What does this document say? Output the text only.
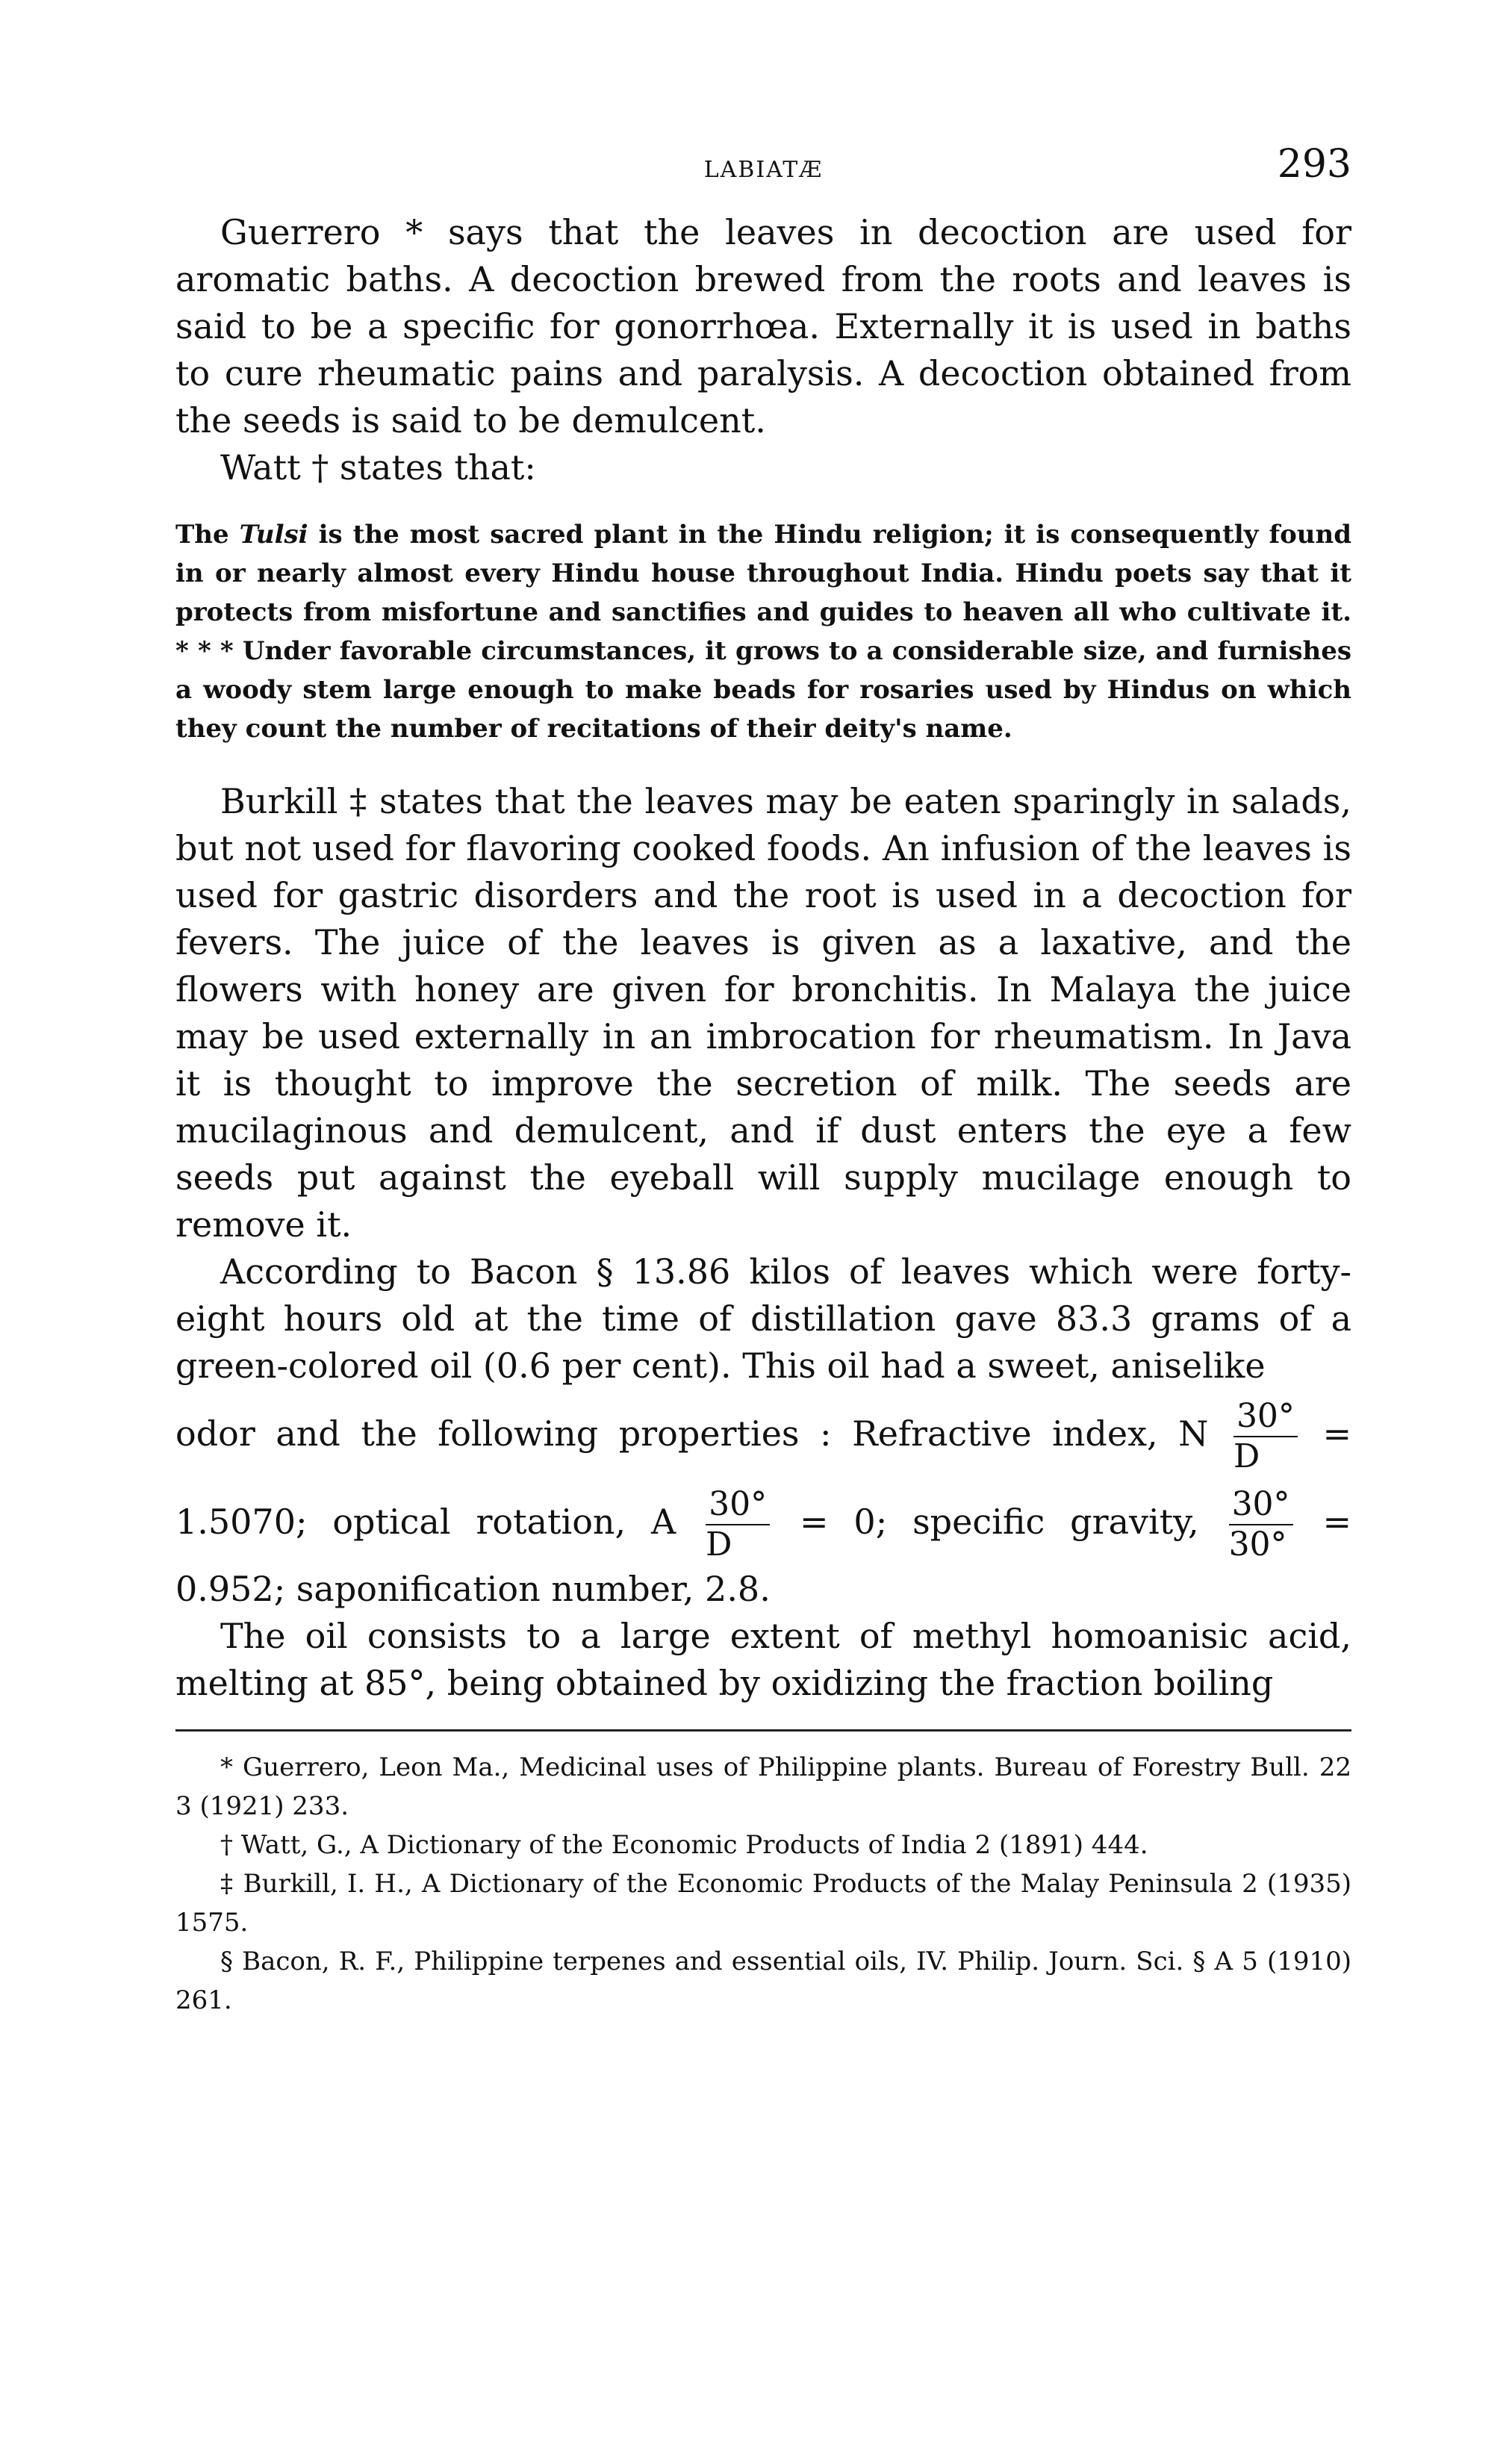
LABIATÆ	293

Guerrero * says that the leaves in decoction are used for aromatic baths. A decoction brewed from the roots and leaves is said to be a specific for gonorrhœa. Externally it is used in baths to cure rheumatic pains and paralysis. A decoction obtained from the seeds is said to be demulcent.

Watt † states that:

The Tulsi is the most sacred plant in the Hindu religion; it is consequently found in or nearly almost every Hindu house throughout India. Hindu poets say that it protects from misfortune and sanctifies and guides to heaven all who cultivate it. * * * Under favorable circumstances, it grows to a considerable size, and furnishes a woody stem large enough to make beads for rosaries used by Hindus on which they count the number of recitations of their deity's name.

Burkill ‡ states that the leaves may be eaten sparingly in salads, but not used for flavoring cooked foods. An infusion of the leaves is used for gastric disorders and the root is used in a decoction for fevers. The juice of the leaves is given as a laxative, and the flowers with honey are given for bronchitis. In Malaya the juice may be used externally in an imbrocation for rheumatism. In Java it is thought to improve the secretion of milk. The seeds are mucilaginous and demulcent, and if dust enters the eye a few seeds put against the eyeball will supply mucilage enough to remove it.

According to Bacon § 13.86 kilos of leaves which were forty-eight hours old at the time of distillation gave 83.3 grams of a green-colored oil (0.6 per cent). This oil had a sweet, aniselike

odor and the following properties : Refractive index, N $\frac{30^\circ}{D}$ =

1.5070; optical rotation, A $\frac{30^\circ}{D} = 0$; specific gravity, $\frac{30^\circ}{30^\circ}$ =

0.952; saponification number, 2.8.

The oil consists to a large extent of methyl homoanisic acid, melting at 85°, being obtained by oxidizing the fraction boiling

* Guerrero, Leon Ma., Medicinal uses of Philippine plants. Bureau of Forestry Bull. 22 3 (1921) 233.

† Watt, G., A Dictionary of the Economic Products of India 2 (1891) 444.

‡ Burkill, I. H., A Dictionary of the Economic Products of the Malay Peninsula 2 (1935) 1575.

§ Bacon, R. F., Philippine terpenes and essential oils, IV. Philip. Journ. Sci. § A 5 (1910) 261.
